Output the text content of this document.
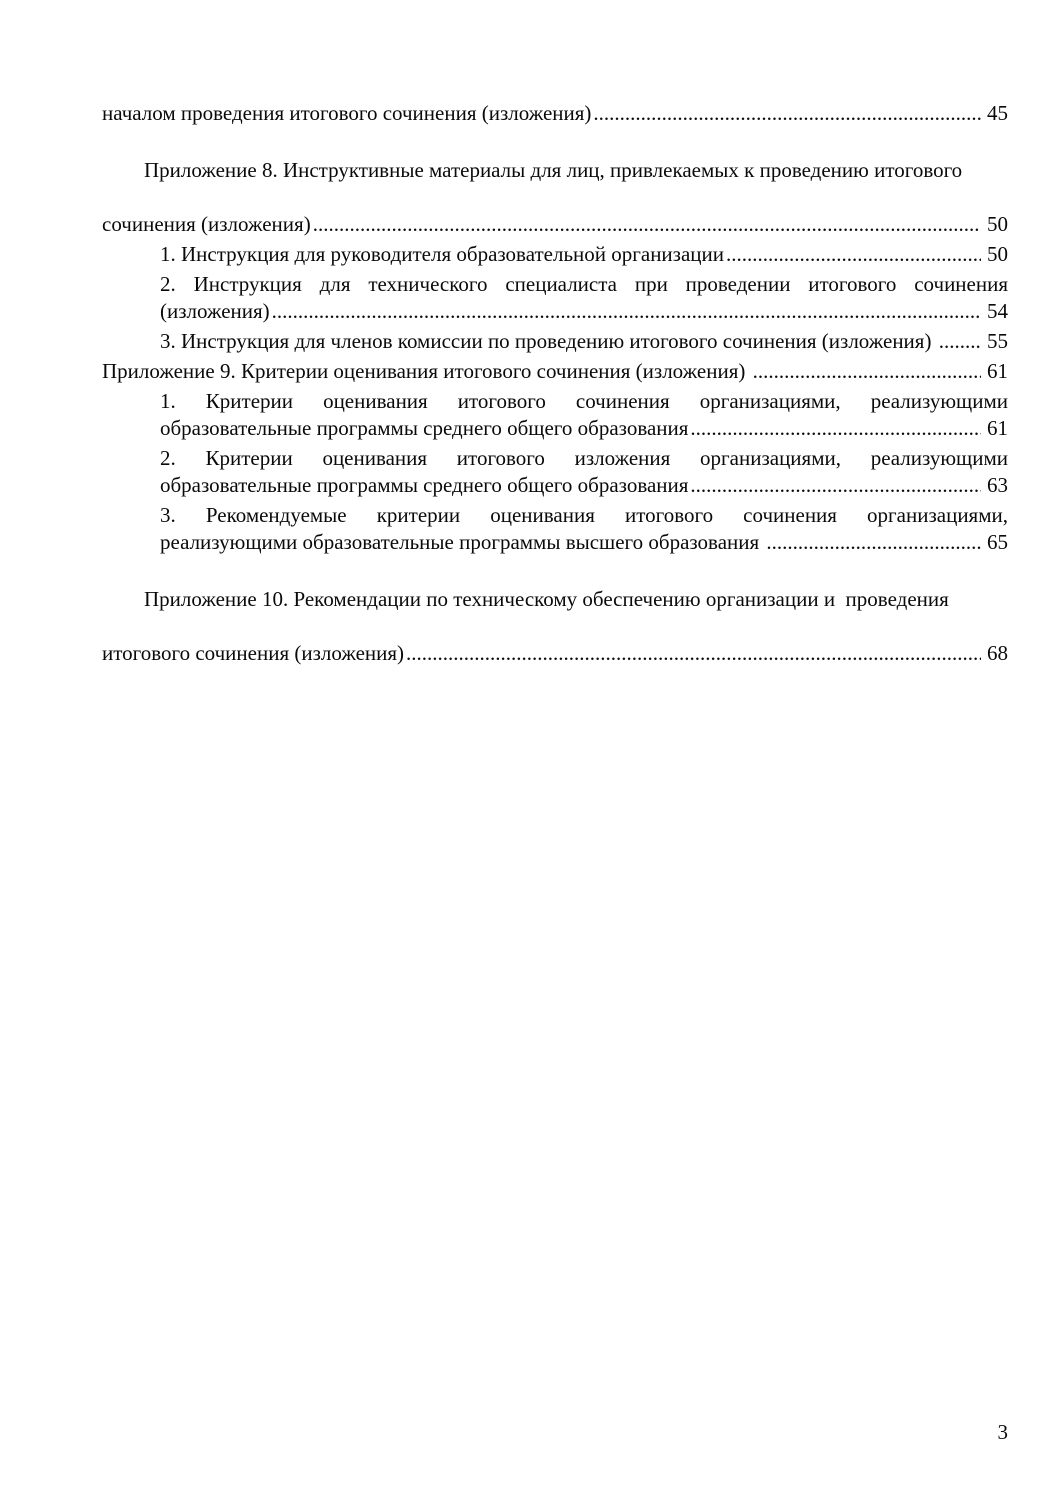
началом проведения итогового сочинения (изложения) .....	45

Приложение 8. Инструктивные материалы для лиц, привлекаемых к проведению итогового

сочинения (изложения) .....	50
1. Инструкция для руководителя образовательной организации .....	50
2. Инструкция для технического специалиста при проведении итогового сочинения
(изложения) .....	54
3. Инструкция для членов комиссии по проведению итогового сочинения (изложения) ..... 55
Приложение 9. Критерии оценивания итогового сочинения (изложения) .....	61
1. Критерии оценивания итогового сочинения организациями, реализующими
образовательные программы среднего общего образования .....	61
2. Критерии оценивания итогового изложения организациями, реализующими
образовательные программы среднего общего образования .....	63
3. Рекомендуемые критерии оценивания итогового сочинения организациями,
реализующими образовательные программы высшего образования .....	65

Приложение 10. Рекомендации по техническому обеспечению организации и  проведения

итогового сочинения (изложения) .....	68
3
